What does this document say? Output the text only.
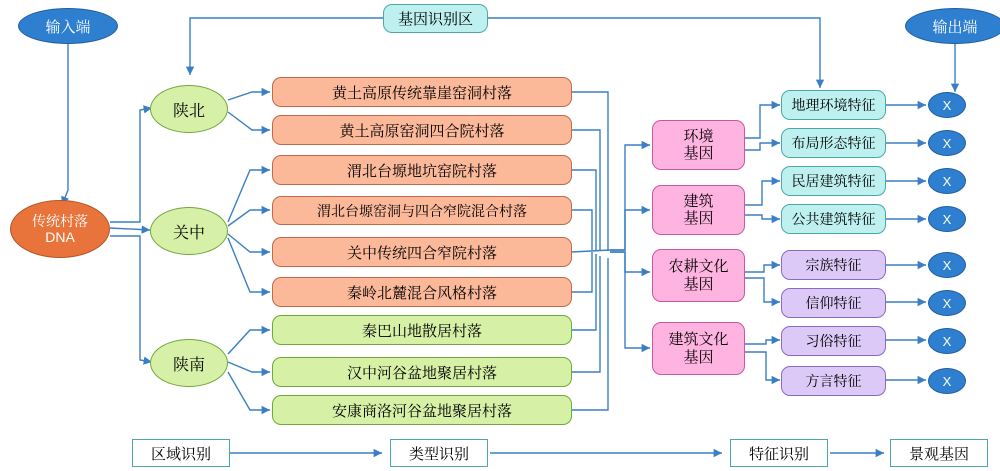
输入端	输出端
基因识别区
传统村落DNA
陕北
关中
陕南
黄土高原传统靠崖窑洞村落
黄土高原窑洞四合院村落
渭北台塬地坑窑院村落
渭北台塬窑洞与四合窄院混合村落
关中传统四合窄院村落
秦岭北麓混合风格村落
秦巴山地散居村落
汉中河谷盆地聚居村落
安康商洛河谷盆地聚居村落
环境基因
建筑基因
农耕文化基因
建筑文化基因
地理环境特征
布局形态特征
民居建筑特征
公共建筑特征
宗族特征
信仰特征
习俗特征
方言特征
X
X
X
X
X
X
X
X
区域识别	类型识别	特征识别	景观基因
